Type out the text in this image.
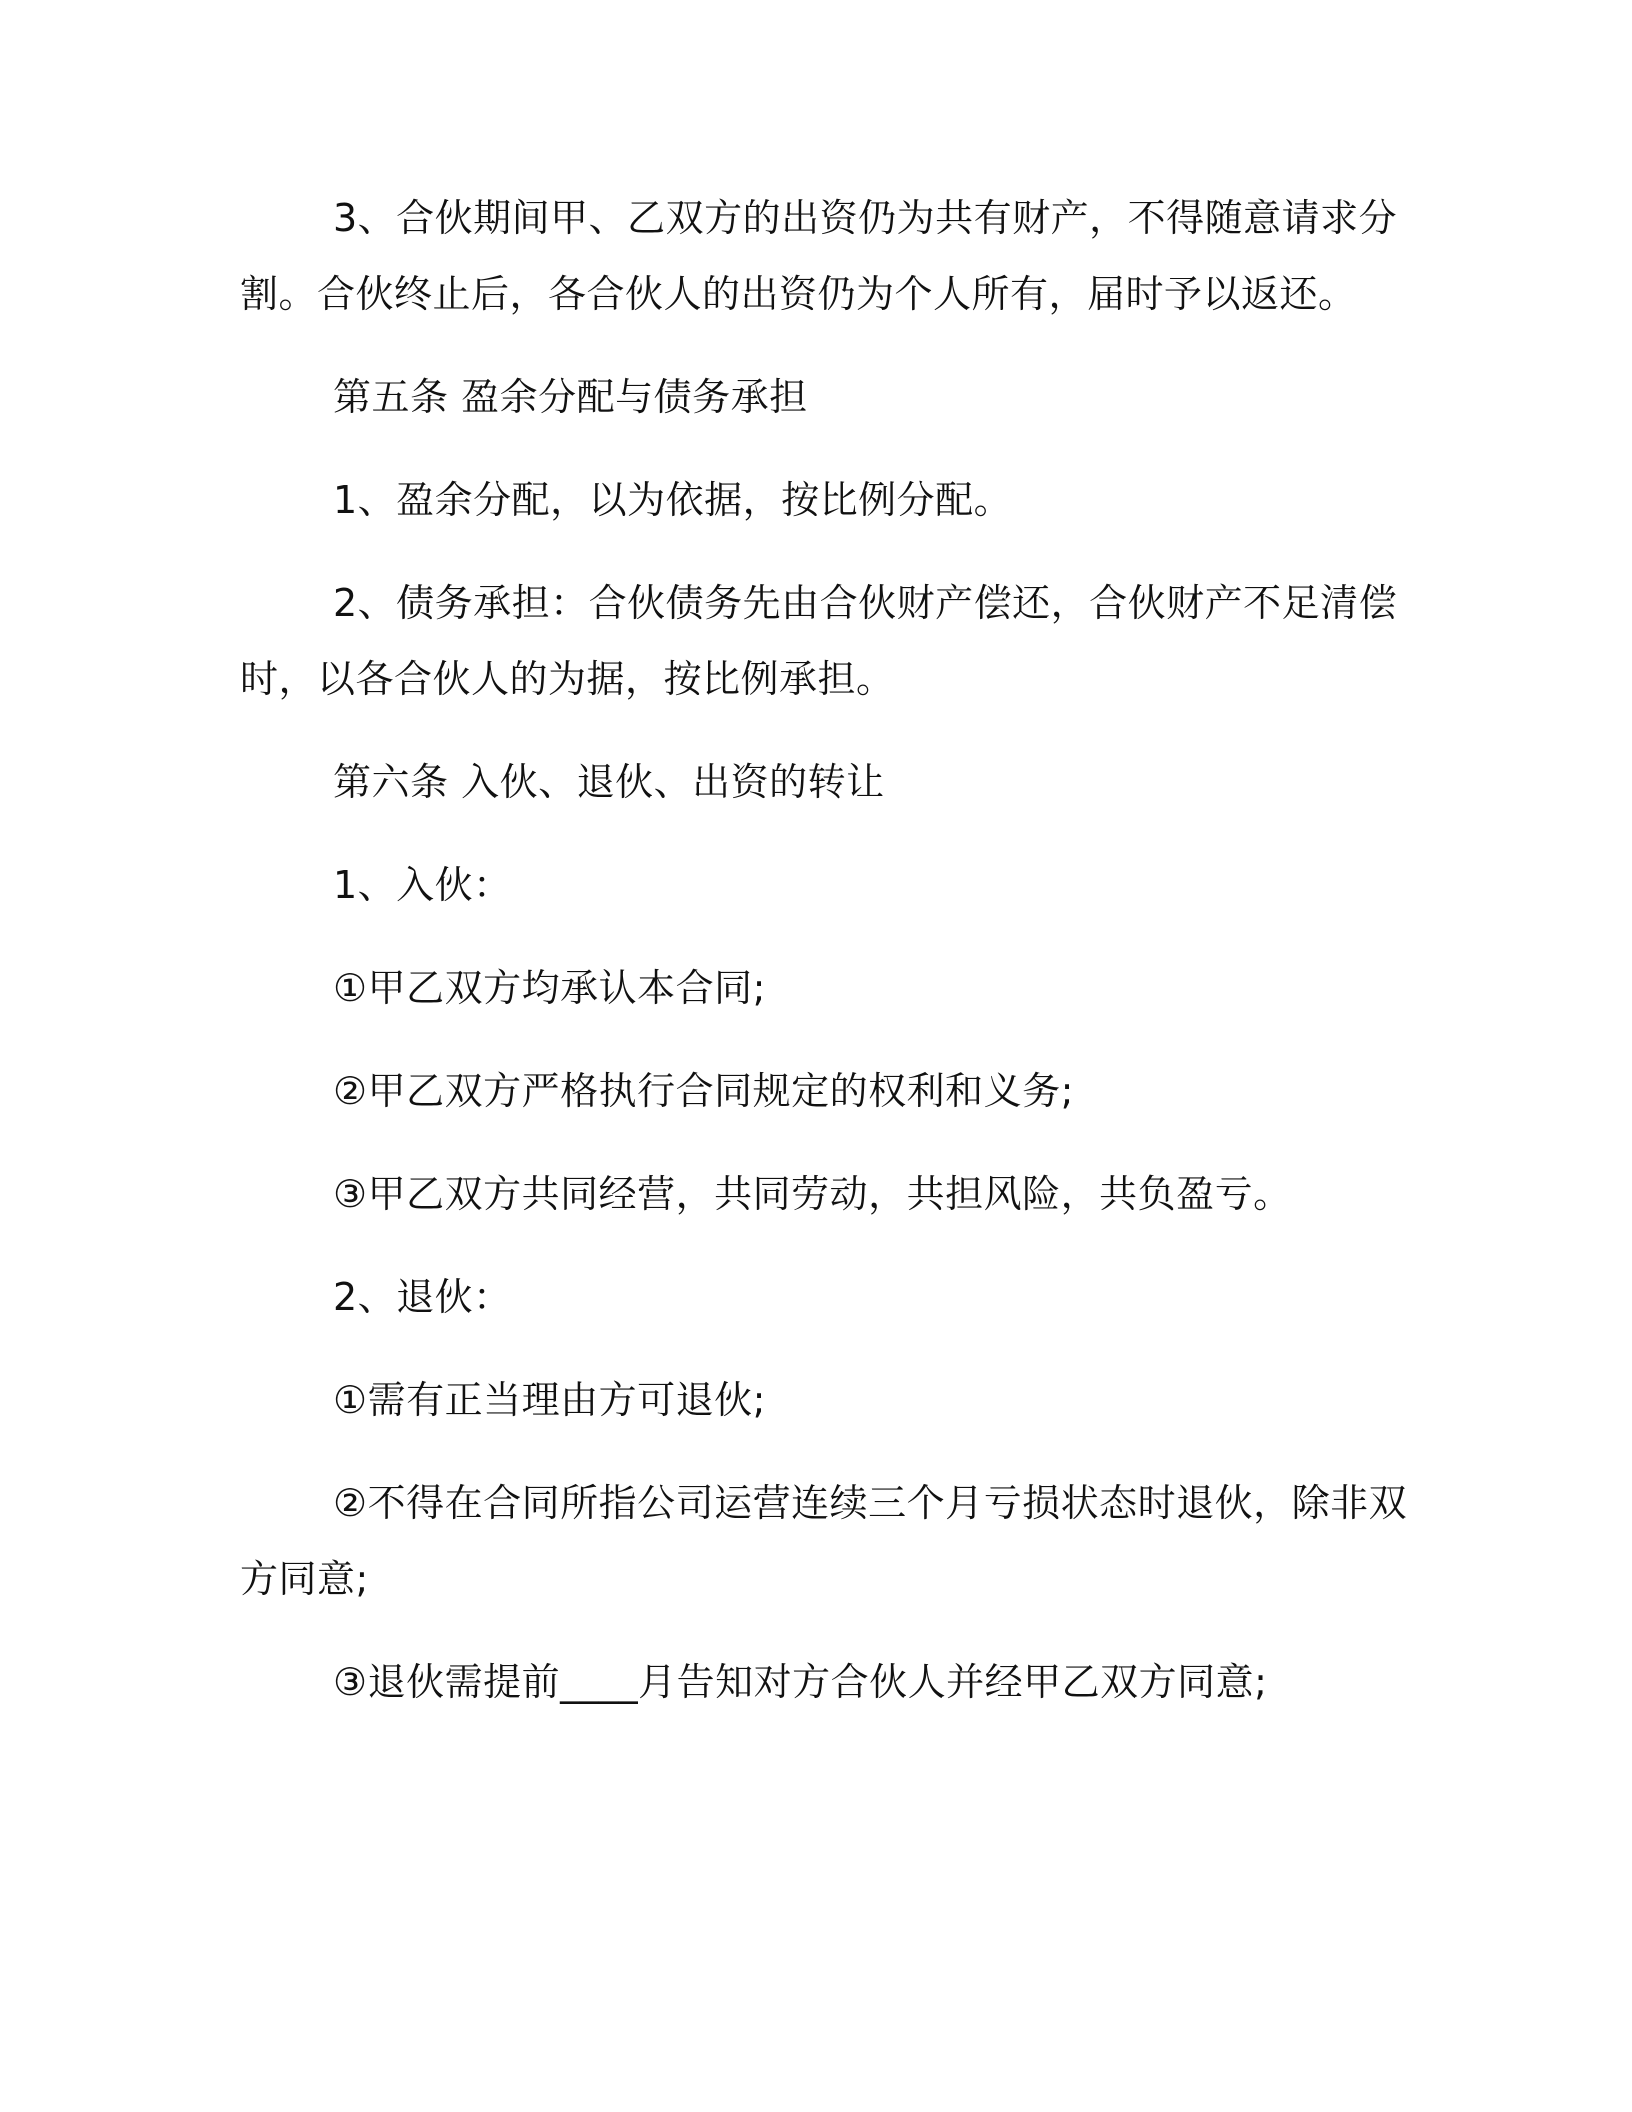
3、合伙期间甲、乙双方的出资仍为共有财产，不得随意请求分
割。合伙终止后，各合伙人的出资仍为个人所有，届时予以返还。
第五条 盈余分配与债务承担
1、盈余分配，以为依据，按比例分配。
2、债务承担：合伙债务先由合伙财产偿还，合伙财产不足清偿
时，以各合伙人的为据，按比例承担。
第六条 入伙、退伙、出资的转让
1、入伙：
①甲乙双方均承认本合同;
②甲乙双方严格执行合同规定的权利和义务;
③甲乙双方共同经营，共同劳动，共担风险，共负盈亏。
2、退伙：
①需有正当理由方可退伙;
②不得在合同所指公司运营连续三个月亏损状态时退伙，除非双
方同意;
③退伙需提前____月告知对方合伙人并经甲乙双方同意;
